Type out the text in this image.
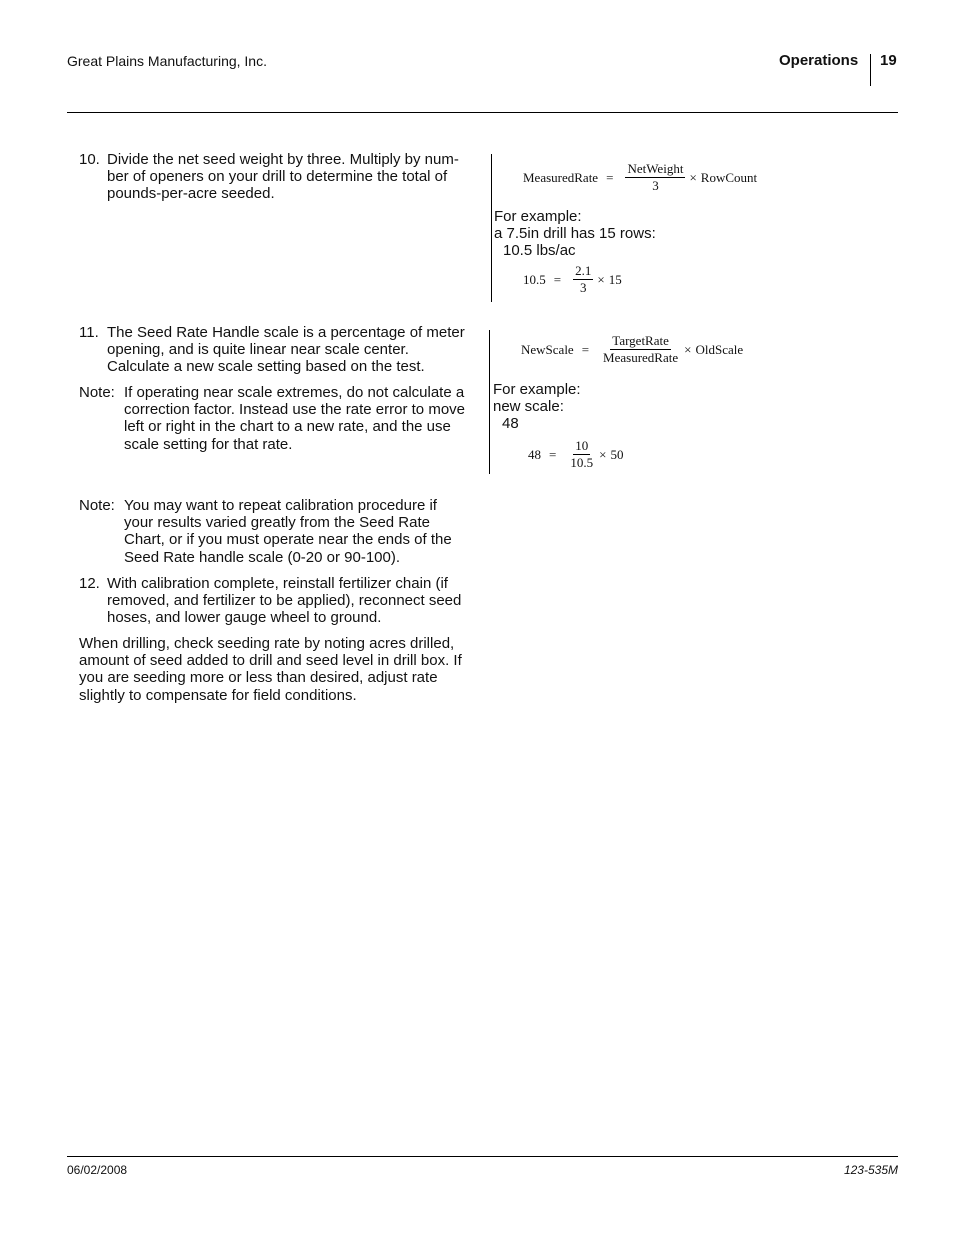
Great Plains Manufacturing, Inc.	Operations 19
10. Divide the net seed weight by three. Multiply by num-ber of openers on your drill to determine the total of pounds-per-acre seeded.
MeasuredRate = $\frac{\text{NetWeight}}{3}$ × RowCount
For example:
a 7.5in drill has 15 rows:
10.5 lbs/ac
$10.5 = \frac{2.1}{3} \times 15$
11. The Seed Rate Handle scale is a percentage of meter opening, and is quite linear near scale center. Calculate a new scale setting based on the test.
Note: If operating near scale extremes, do not calculate a correction factor. Instead use the rate error to move left or right in the chart to a new rate, and the use scale setting for that rate.
NewScale = $\frac{\text{TargetRate}}{\text{MeasuredRate}}$ × OldScale
For example:
new scale:
48
$48 = \frac{10}{10.5} \times 50$
Note: You may want to repeat calibration procedure if your results varied greatly from the Seed Rate Chart, or if you must operate near the ends of the Seed Rate handle scale (0-20 or 90-100).
12. With calibration complete, reinstall fertilizer chain (if removed, and fertilizer to be applied), reconnect seed hoses, and lower gauge wheel to ground.
When drilling, check seeding rate by noting acres drilled, amount of seed added to drill and seed level in drill box. If you are seeding more or less than desired, adjust rate slightly to compensate for field conditions.
06/02/2008	123-535M
